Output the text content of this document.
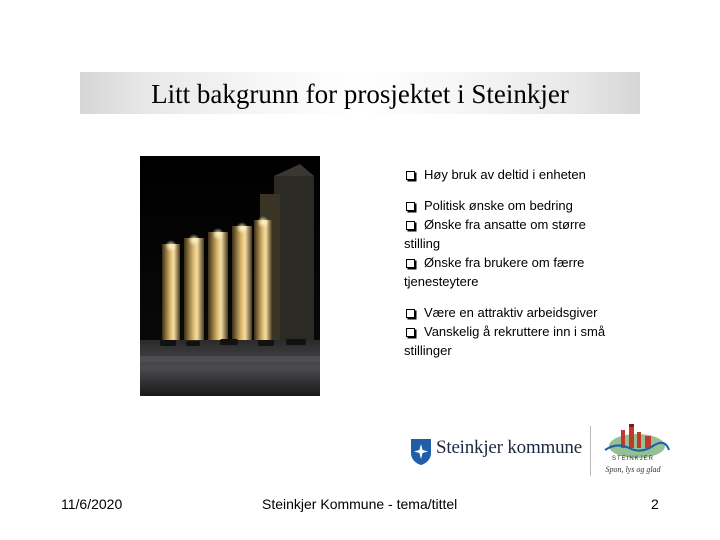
Litt bakgrunn for prosjektet i Steinkjer

Høy bruk av deltid i enheten

Politisk ønske om bedring

Ønske fra ansatte om større
stilling

Ønske fra brukere om færre
tjenesteytere

Være en attraktiv arbeidsgiver

Vanskelig å rekruttere inn i små
stillinger

Steinkjer kommune
STEINKJER
Spon, lys og glad
11/6/2020	Steinkjer Kommune - tema/tittel	2
